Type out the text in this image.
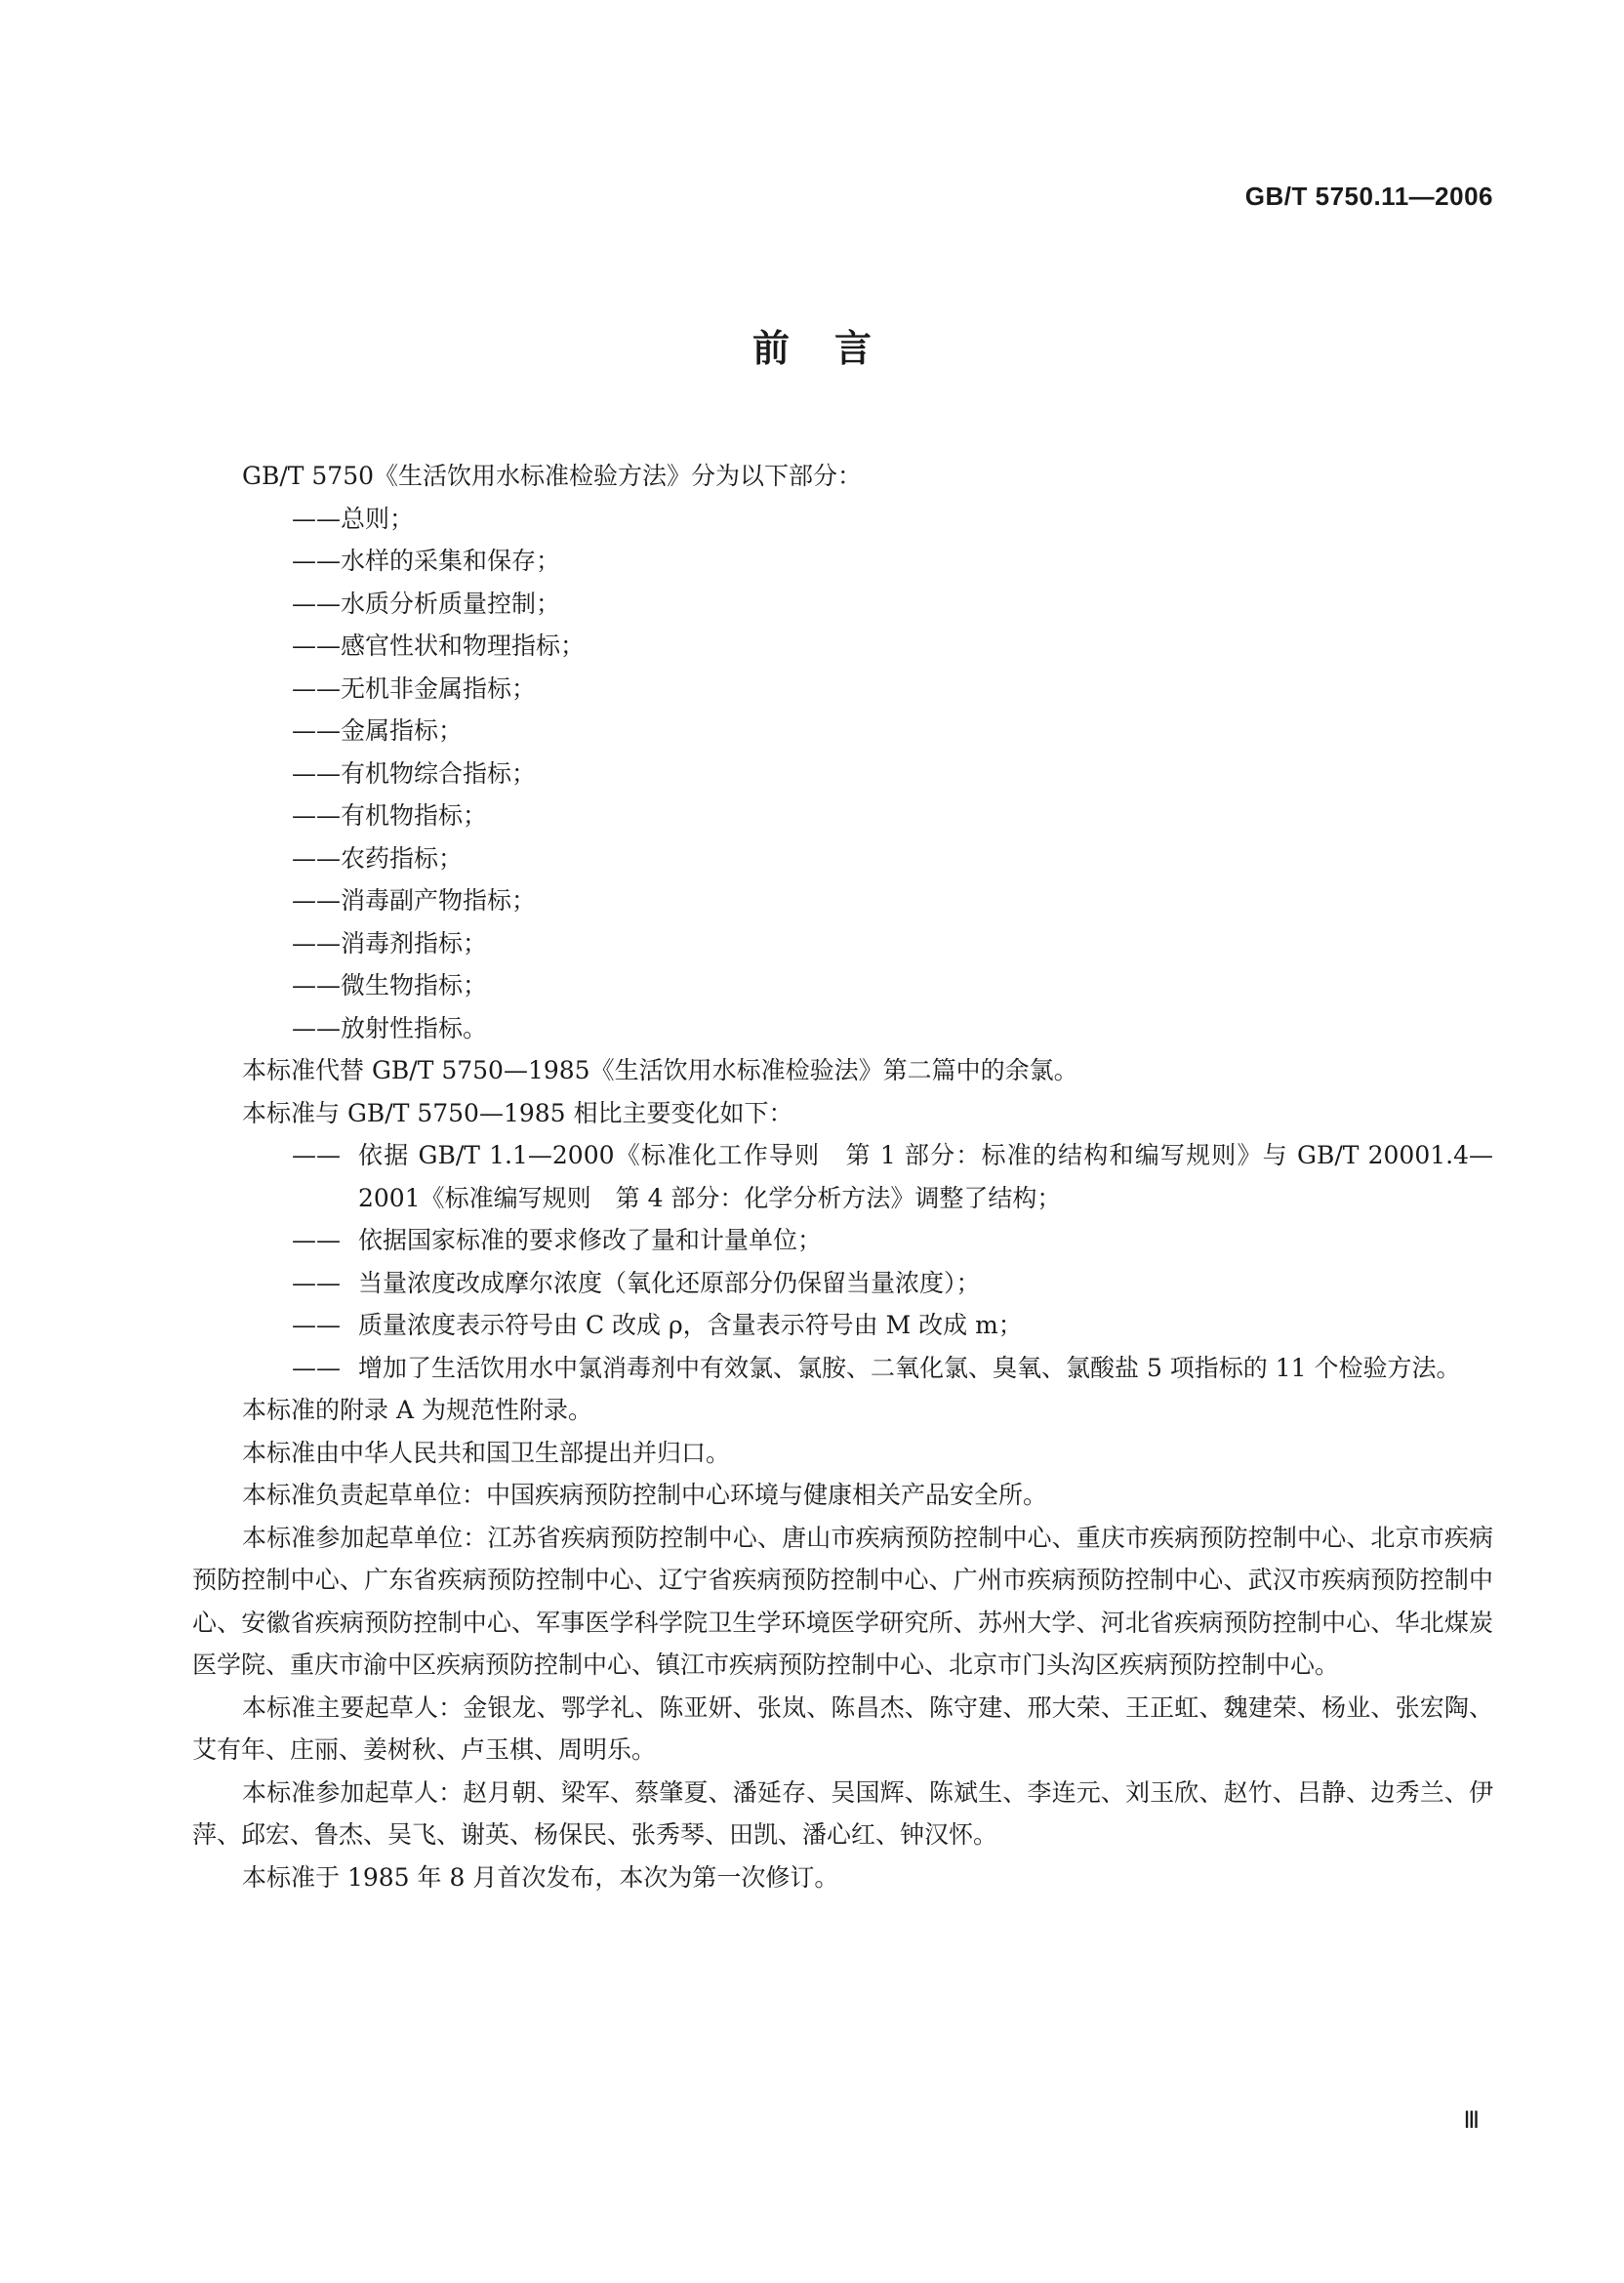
GB/T 5750.11—2006
前言

GB/T 5750《生活饮用水标准检验方法》分为以下部分：

——总则；

——水样的采集和保存；

——水质分析质量控制；

——感官性状和物理指标；

——无机非金属指标；

——金属指标；

——有机物综合指标；

——有机物指标；

——农药指标；

——消毒副产物指标；

——消毒剂指标；

——微生物指标；

——放射性指标。

本标准代替 GB/T 5750—1985《生活饮用水标准检验法》第二篇中的余氯。

本标准与 GB/T 5750—1985 相比主要变化如下：

—— 依据 GB/T 1.1—2000《标准化工作导则　第 1 部分：标准的结构和编写规则》与 GB/T 20001.4—2001《标准编写规则　第 4 部分：化学分析方法》调整了结构；
—— 依据国家标准的要求修改了量和计量单位；
—— 当量浓度改成摩尔浓度（氧化还原部分仍保留当量浓度）；
—— 质量浓度表示符号由 C 改成 ρ，含量表示符号由 M 改成 m；
—— 增加了生活饮用水中氯消毒剂中有效氯、氯胺、二氧化氯、臭氧、氯酸盐 5 项指标的 11 个检验方法。

本标准的附录 A 为规范性附录。

本标准由中华人民共和国卫生部提出并归口。

本标准负责起草单位：中国疾病预防控制中心环境与健康相关产品安全所。

本标准参加起草单位：江苏省疾病预防控制中心、唐山市疾病预防控制中心、重庆市疾病预防控制中心、北京市疾病预防控制中心、广东省疾病预防控制中心、辽宁省疾病预防控制中心、广州市疾病预防控制中心、武汉市疾病预防控制中心、安徽省疾病预防控制中心、军事医学科学院卫生学环境医学研究所、苏州大学、河北省疾病预防控制中心、华北煤炭医学院、重庆市渝中区疾病预防控制中心、镇江市疾病预防控制中心、北京市门头沟区疾病预防控制中心。

本标准主要起草人：金银龙、鄂学礼、陈亚妍、张岚、陈昌杰、陈守建、邢大荣、王正虹、魏建荣、杨业、张宏陶、艾有年、庄丽、姜树秋、卢玉棋、周明乐。

本标准参加起草人：赵月朝、梁军、蔡肇夏、潘延存、吴国辉、陈斌生、李连元、刘玉欣、赵竹、吕静、边秀兰、伊萍、邱宏、鲁杰、吴飞、谢英、杨保民、张秀琴、田凯、潘心红、钟汉怀。

本标准于 1985 年 8 月首次发布，本次为第一次修订。

Ⅲ
